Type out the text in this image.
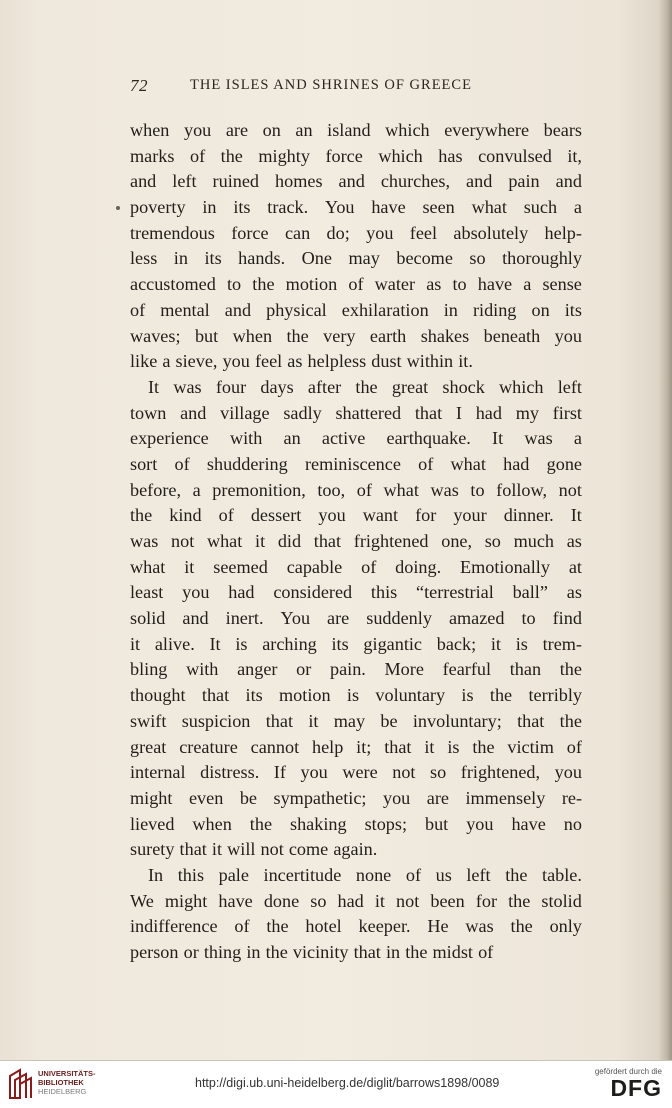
72	THE ISLES AND SHRINES OF GREECE
when you are on an island which everywhere bears
marks of the mighty force which has convulsed it,
and left ruined homes and churches, and pain and
poverty in its track. You have seen what such a
tremendous force can do; you feel absolutely help-
less in its hands. One may become so thoroughly
accustomed to the motion of water as to have a sense
of mental and physical exhilaration in riding on its
waves; but when the very earth shakes beneath you
like a sieve, you feel as helpless dust within it.
It was four days after the great shock which left
town and village sadly shattered that I had my first
experience with an active earthquake. It was a
sort of shuddering reminiscence of what had gone
before, a premonition, too, of what was to follow, not
the kind of dessert you want for your dinner. It
was not what it did that frightened one, so much as
what it seemed capable of doing. Emotionally at
least you had considered this “terrestrial ball” as
solid and inert. You are suddenly amazed to find
it alive. It is arching its gigantic back; it is trem-
bling with anger or pain. More fearful than the
thought that its motion is voluntary is the terribly
swift suspicion that it may be involuntary; that the
great creature cannot help it; that it is the victim of
internal distress. If you were not so frightened, you
might even be sympathetic; you are immensely re-
lieved when the shaking stops; but you have no
surety that it will not come again.
In this pale incertitude none of us left the table.
We might have done so had it not been for the stolid
indifference of the hotel keeper. He was the only
person or thing in the vicinity that in the midst of
UNIVERSITÄTS-
BIBLIOTHEK
HEIDELBERG
http://digi.ub.uni-heidelberg.de/diglit/barrows1898/0089
gefördert durch die
DFG
